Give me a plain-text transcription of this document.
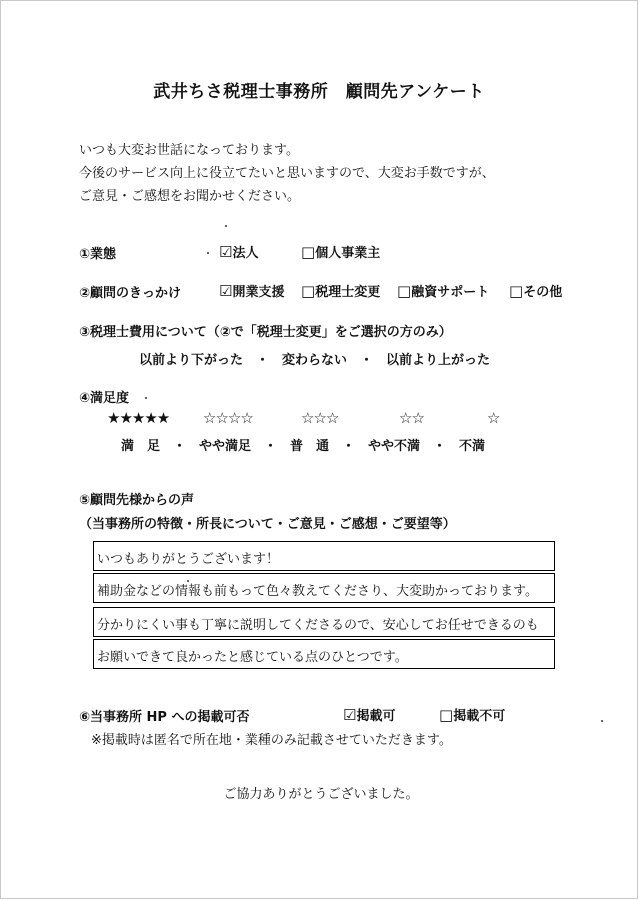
武井ちさ税理士事務所　顧問先アンケート
いつも大変お世話になっております。
今後のサービス向上に役立てたいと思いますので、大変お手数ですが、
ご意見・ご感想をお聞かせください。
①業態	☑法人	□個人事業主
②顧問のきっかけ	☑開業支援 □税理士変更 □融資サポート □その他
③税理士費用について（②で「税理士変更」をご選択の方のみ）
以前より下がった　・　変わらない　・　以前より上がった
④満足度
★★★★★ ☆☆☆☆	☆☆☆	☆☆	☆
満　足　・　やや満足　・　普　通　・　やや不満　・　不満
⑤顧問先様からの声
（当事務所の特徴・所長について・ご意見・ご感想・ご要望等）
いつもありがとうございます！
補助金などの情報も前もって色々教えてくださり、大変助かっております。
分かりにくい事も丁寧に説明してくださるので、安心してお任せできるのも
お願いできて良かったと感じている点のひとつです。
⑥当事務所 HP への掲載可否	☑掲載可	□掲載不可
※掲載時は匿名で所在地・業種のみ記載させていただきます。
ご協力ありがとうございました。
